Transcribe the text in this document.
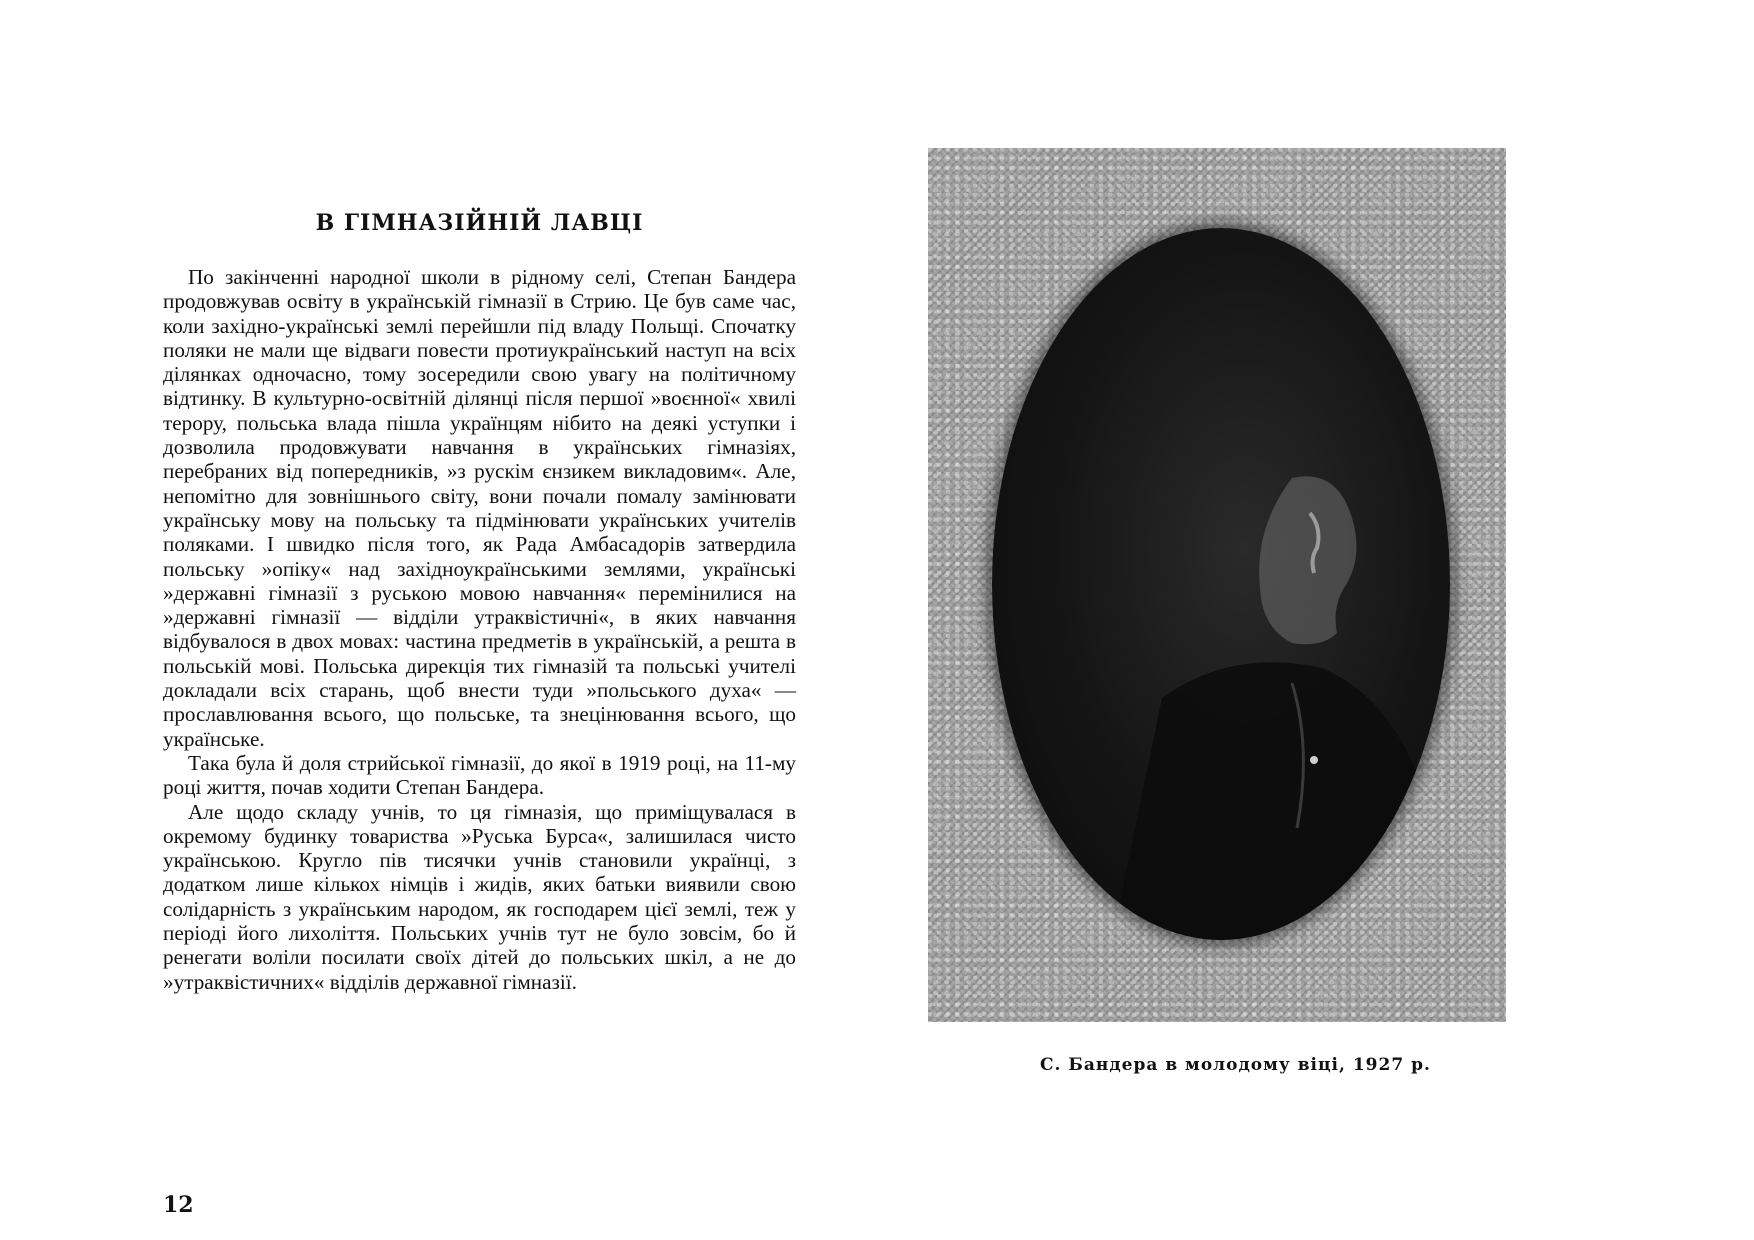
В ГІМНАЗІЙНІЙ ЛАВЦІ

По закінченні народної школи в рідному селі, Степан Бандера продовжував освіту в українській гімназії в Стрию. Це був саме час, коли західно-українські землі перейшли під владу Польщі. Спочатку поляки не мали ще відваги повести протиукраїнський наступ на всіх ділянках одночасно, тому зосередили свою увагу на політичному відтинку. В культурно-освітній ділянці після першої »воєнної« хвилі терору, польська влада пішла українцям нібито на деякі уступки і дозволила продовжувати навчання в українських гімназіях, перебраних від попередників, »з рускім єнзикем викладовим«. Але, непомітно для зовнішнього світу, вони почали помалу замінювати українську мову на польську та підмінювати українських учителів поляками. І швидко після того, як Рада Амбасадорів затвердила польську »опіку« над західноукраїнськими землями, українські »державні гімназії з руською мовою навчання« перемінилися на »державні гімназії — відділи утраквістичні«, в яких навчання відбувалося в двох мовах: частина предметів в українській, а решта в польській мові. Польська дирекція тих гімназій та польські учителі докладали всіх старань, щоб внести туди »польського духа« — прославлювання всього, що польське, та знецінювання всього, що українське.

Така була й доля стрийської гімназії, до якої в 1919 році, на 11-му році життя, почав ходити Степан Бандера.

Але щодо складу учнів, то ця гімназія, що приміщувалася в окремому будинку товариства »Руська Бурса«, залишилася чисто українською. Кругло пів тисячки учнів становили українці, з додатком лише кількох німців і жидів, яких батьки виявили свою солідарність з українським народом, як господарем цієї землі, теж у періоді його лихоліття. Польських учнів тут не було зовсім, бо й ренегати воліли посилати своїх дітей до польських шкіл, а не до »утраквістичних« відділів державної гімназії.

12
С. Бандера в молодому віці, 1927 р.
